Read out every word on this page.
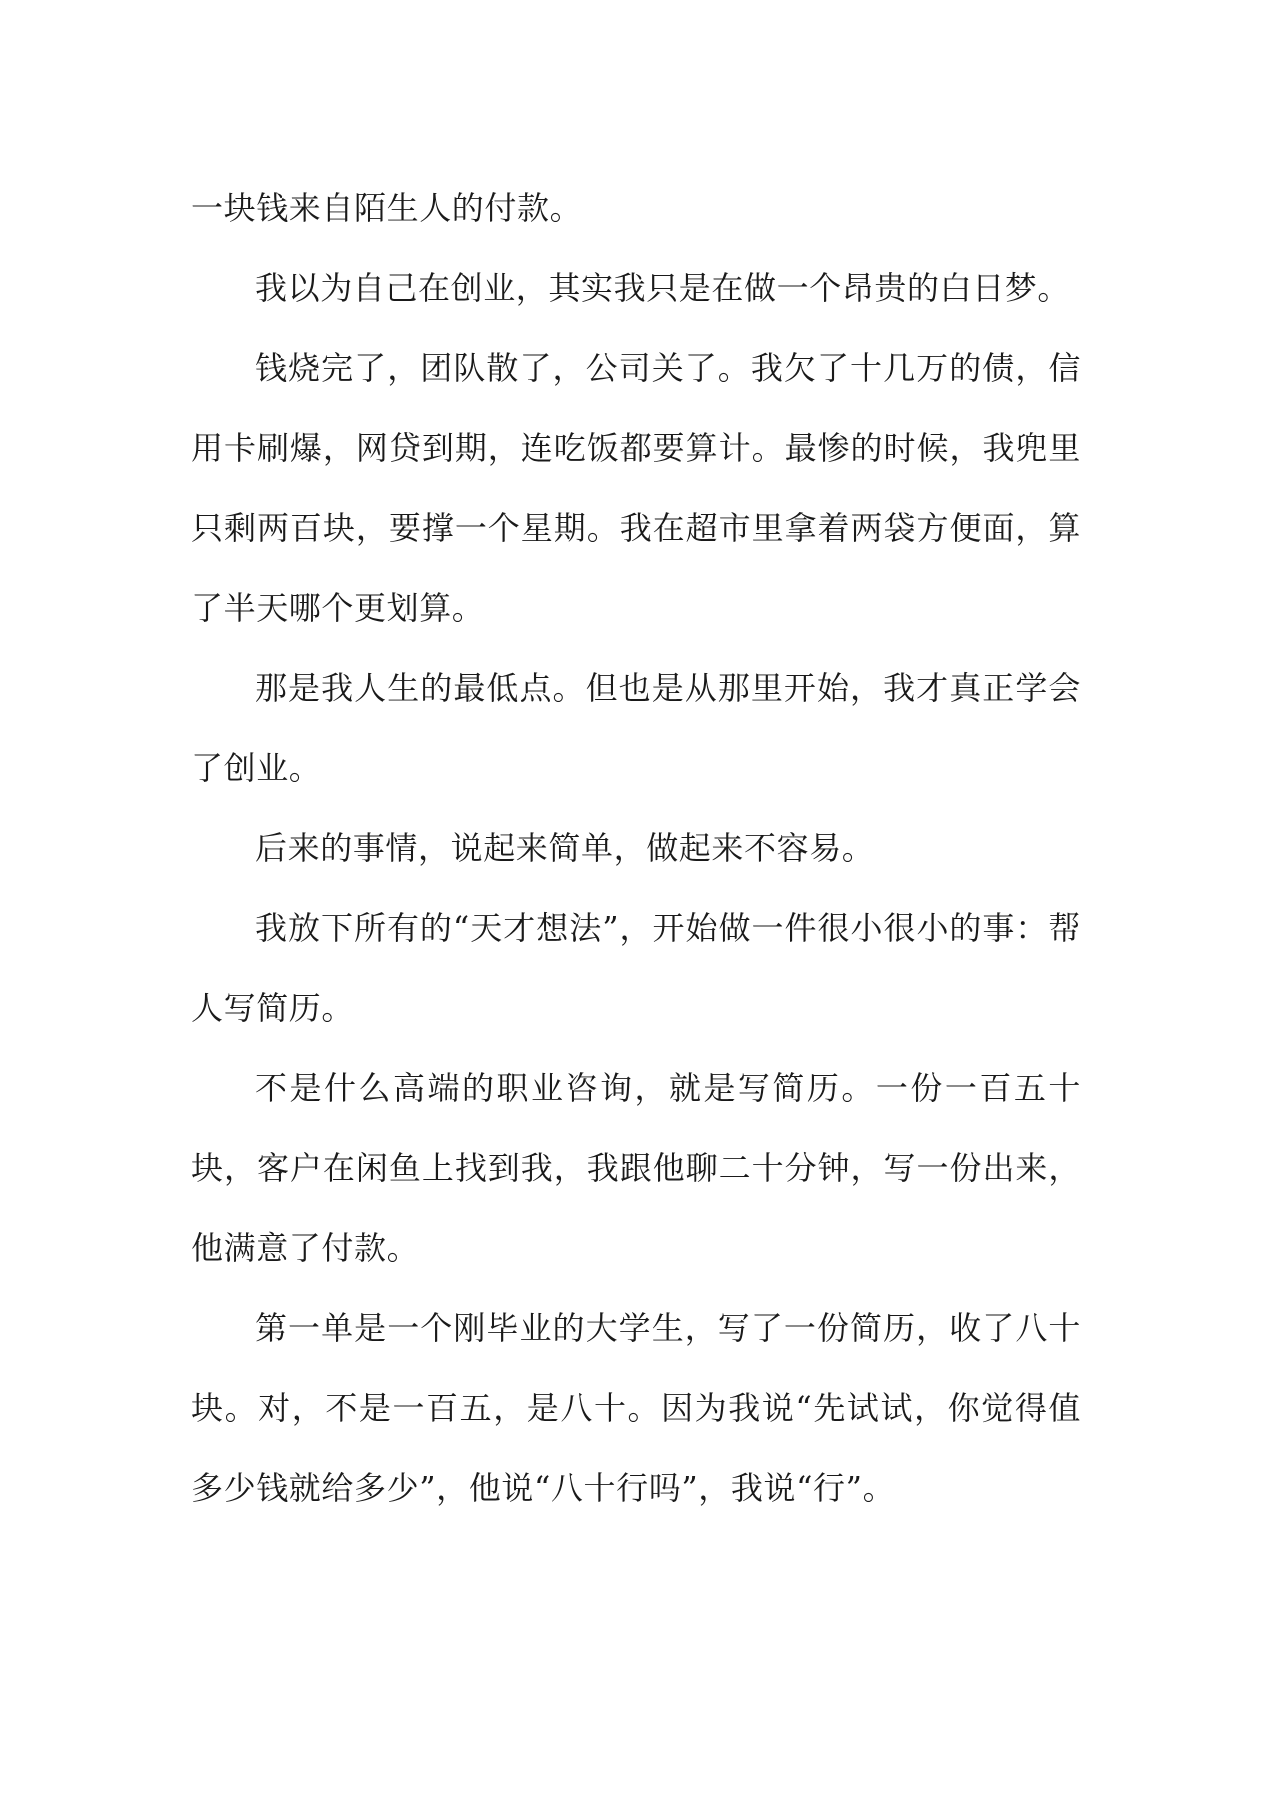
一块钱来自陌生人的付款。

我以为自己在创业，其实我只是在做一个昂贵的白日梦。

钱烧完了，团队散了，公司关了。我欠了十几万的债，信用卡刷爆，网贷到期，连吃饭都要算计。最惨的时候，我兜里只剩两百块，要撑一个星期。我在超市里拿着两袋方便面，算了半天哪个更划算。

那是我人生的最低点。但也是从那里开始，我才真正学会了创业。

后来的事情，说起来简单，做起来不容易。

我放下所有的“天才想法”，开始做一件很小很小的事：帮人写简历。

不是什么高端的职业咨询，就是写简历。一份一百五十块，客户在闲鱼上找到我，我跟他聊二十分钟，写一份出来，他满意了付款。

第一单是一个刚毕业的大学生，写了一份简历，收了八十块。对，不是一百五，是八十。因为我说“先试试，你觉得值多少钱就给多少”，他说“八十行吗”，我说“行”。
